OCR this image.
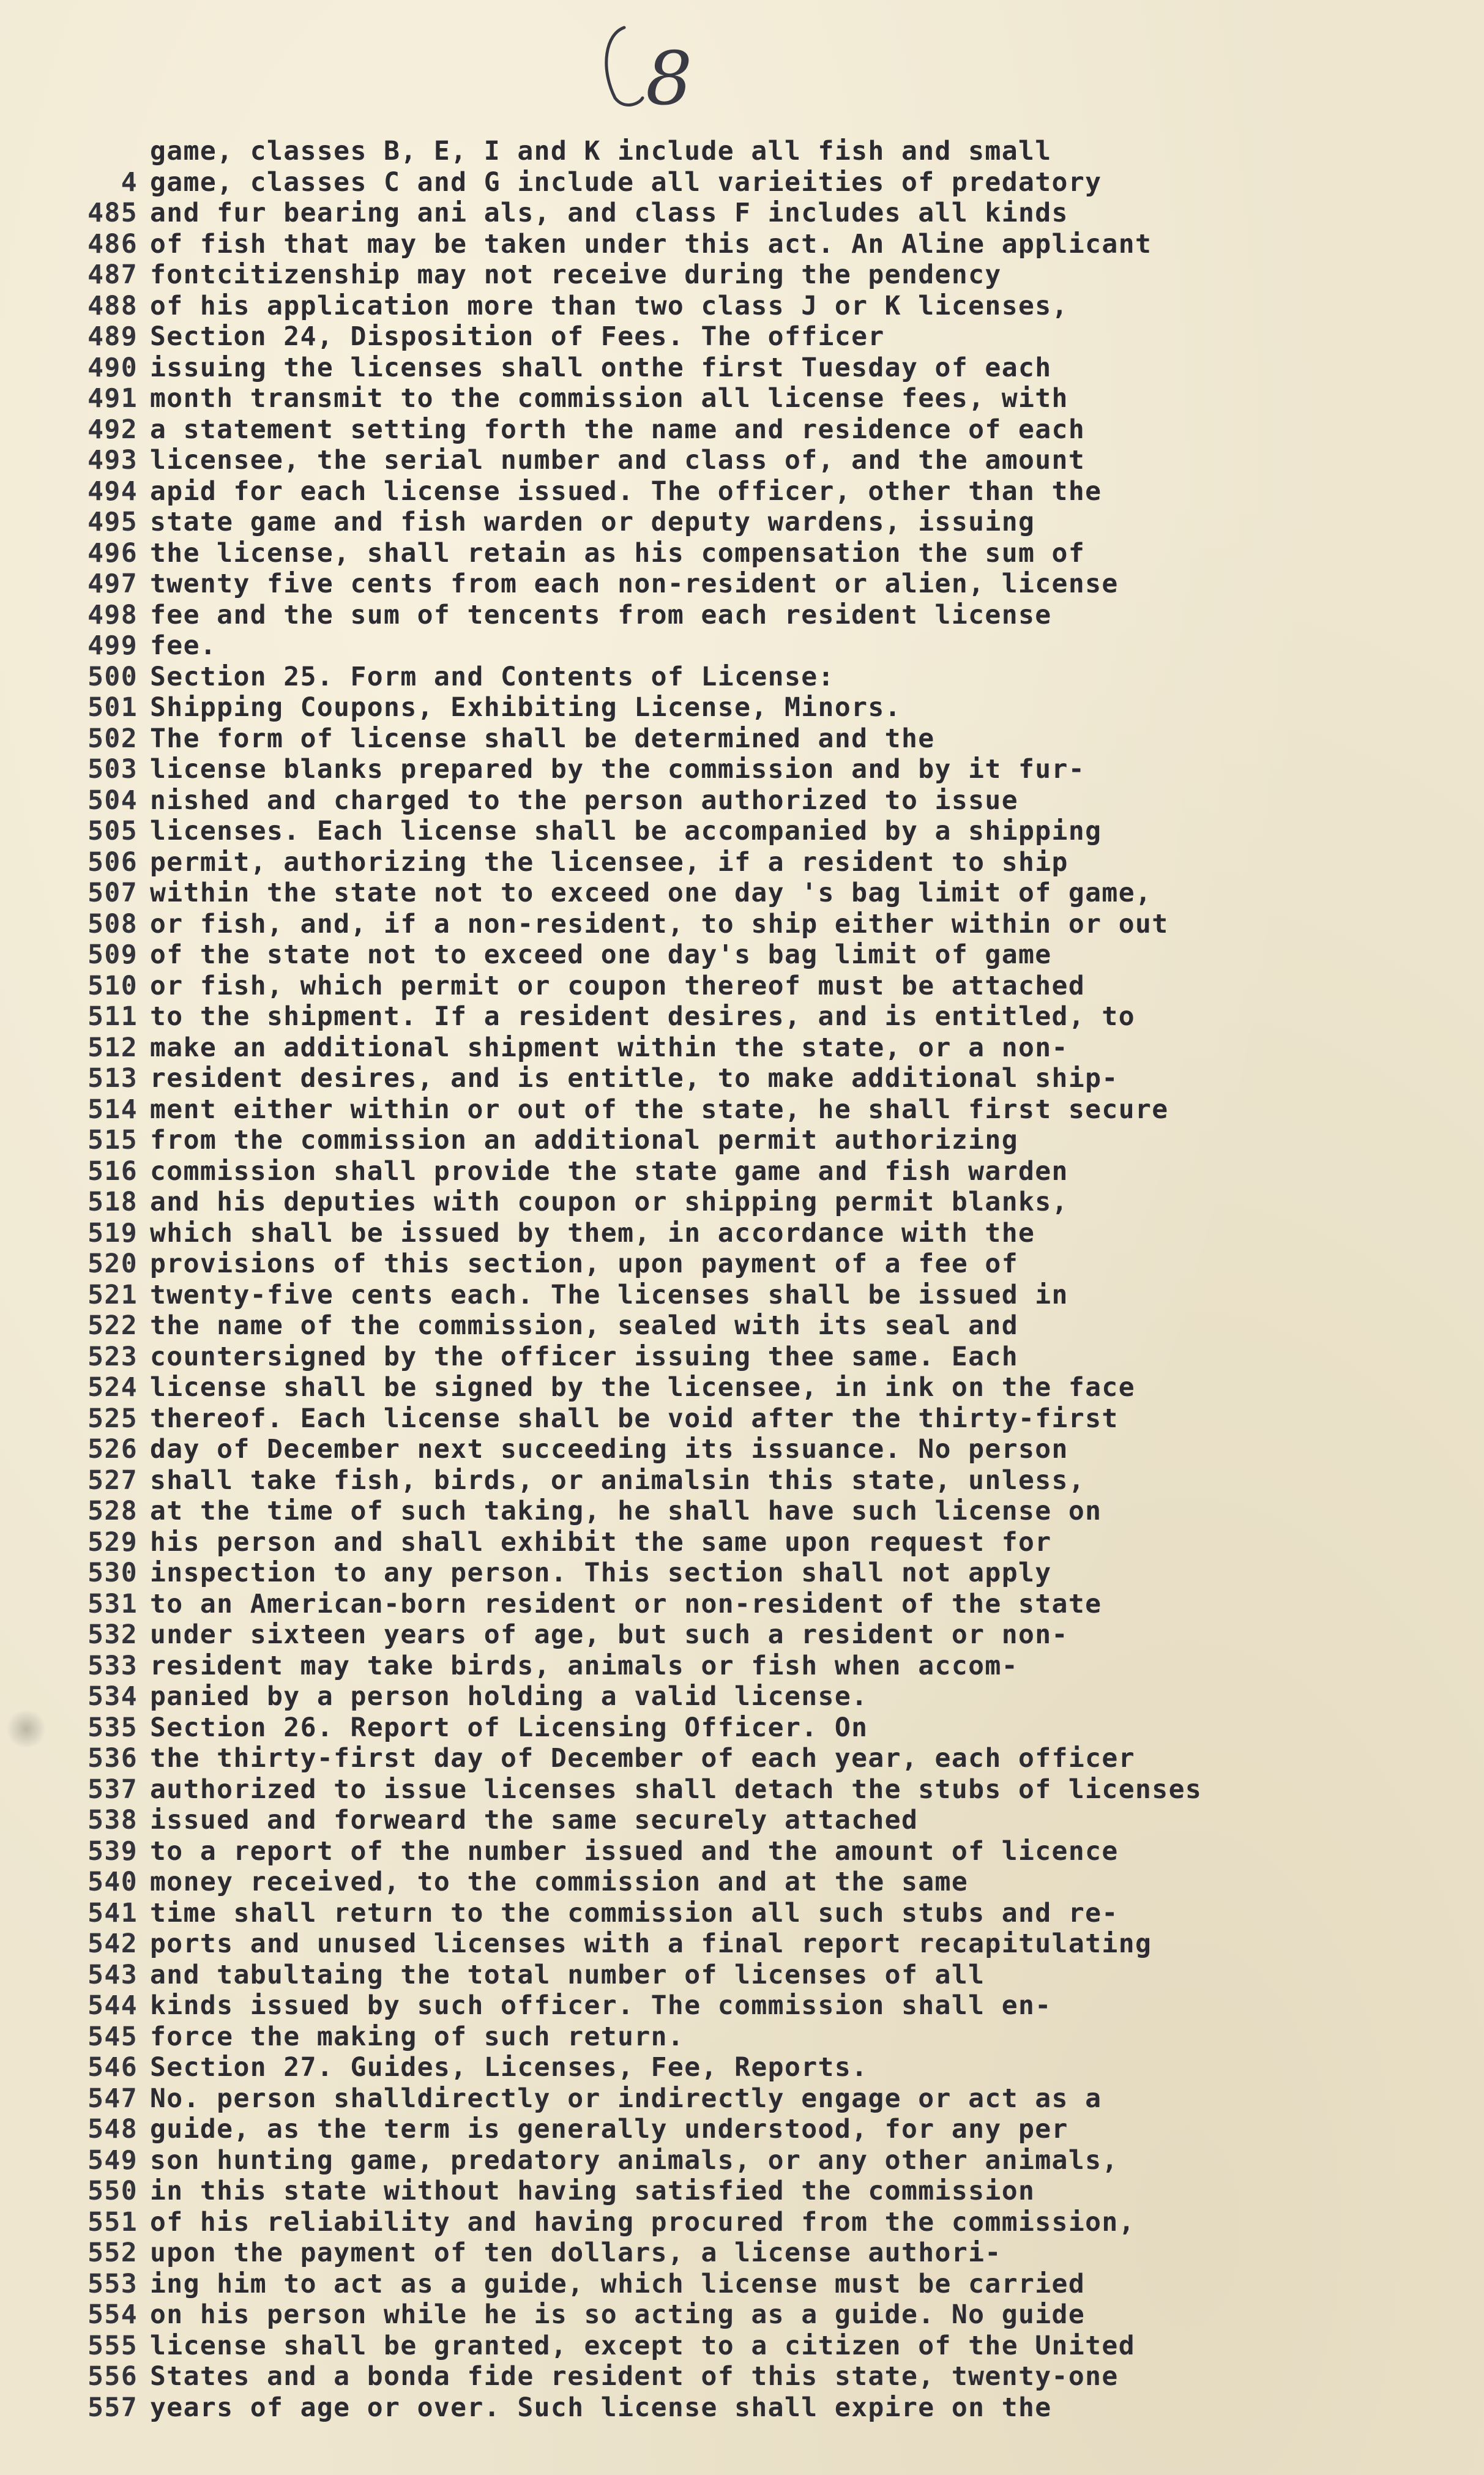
8
game, classes B, E, I and K include all fish and small
4 game, classes C and G include all varieities of predatory
485 and fur bearing ani als, and class F includes all kinds
486 of fish that may be taken under this act. An Aline applicant
487 fontcitizenship may not receive during the pendency
488 of his application more than two class J or K licenses,
489 Section 24, Disposition of Fees. The officer
490 issuing the licenses shall onthe first Tuesday of each
491 month transmit to the commission all license fees, with
492 a statement setting forth the name and residence of each
493 licensee, the serial number and class of, and the amount
494 apid for each license issued. The officer, other than the
495 state game and fish warden or deputy wardens, issuing
496 the license, shall retain as his compensation the sum of
497 twenty five cents from each non-resident or alien, license
498 fee and the sum of tencents from each resident license
499 fee.
500 Section 25. Form and Contents of License:
501 Shipping Coupons, Exhibiting License, Minors.
502 The form of license shall be determined and the
503 license blanks prepared by the commission and by it fur-
504 nished and charged to the person authorized to issue
505 licenses. Each license shall be accompanied by a shipping
506 permit, authorizing the licensee, if a resident to ship
507 within the state not to exceed one day 's bag limit of game,
508 or fish, and, if a non-resident, to ship either within or out
509 of the state not to exceed one day's bag limit of game
510 or fish, which permit or coupon thereof must be attached
511 to the shipment. If a resident desires, and is entitled, to
512 make an additional shipment within the state, or a non-
513 resident desires, and is entitle, to make additional ship-
514 ment either within or out of the state, he shall first secure
515 from the commission an additional permit authorizing
516 commission shall provide the state game and fish warden
518 and his deputies with coupon or shipping permit blanks,
519 which shall be issued by them, in accordance with the
520 provisions of this section, upon payment of a fee of
521 twenty-five cents each. The licenses shall be issued in
522 the name of the commission, sealed with its seal and
523 countersigned by the officer issuing thee same. Each
524 license shall be signed by the licensee, in ink on the face
525 thereof. Each license shall be void after the thirty-first
526 day of December next succeeding its issuance. No person
527 shall take fish, birds, or animalsin this state, unless,
528 at the time of such taking, he shall have such license on
529 his person and shall exhibit the same upon request for
530 inspection to any person. This section shall not apply
531 to an American-born resident or non-resident of the state
532 under sixteen years of age, but such a resident or non-
533 resident may take birds, animals or fish when accom-
534 panied by a person holding a valid license.
535 Section 26. Report of Licensing Officer. On
536 the thirty-first day of December of each year, each officer
537 authorized to issue licenses shall detach the stubs of licenses
538 issued and forweard the same securely attached
539 to a report of the number issued and the amount of licence
540 money received, to the commission and at the same
541 time shall return to the commission all such stubs and re-
542 ports and unused licenses with a final report recapitulating
543 and tabultaing the total number of licenses of all
544 kinds issued by such officer. The commission shall en-
545 force the making of such return.
546 Section 27. Guides, Licenses, Fee, Reports.
547 No. person shalldirectly or indirectly engage or act as a
548 guide, as the term is generally understood, for any per
549 son hunting game, predatory animals, or any other animals,
550 in this state without having satisfied the commission
551 of his reliability and having procured from the commission,
552 upon the payment of ten dollars, a license authori-
553 ing him to act as a guide, which license must be carried
554 on his person while he is so acting as a guide. No guide
555 license shall be granted, except to a citizen of the United
556 States and a bonda fide resident of this state, twenty-one
557 years of age or over. Such license shall expire on the
